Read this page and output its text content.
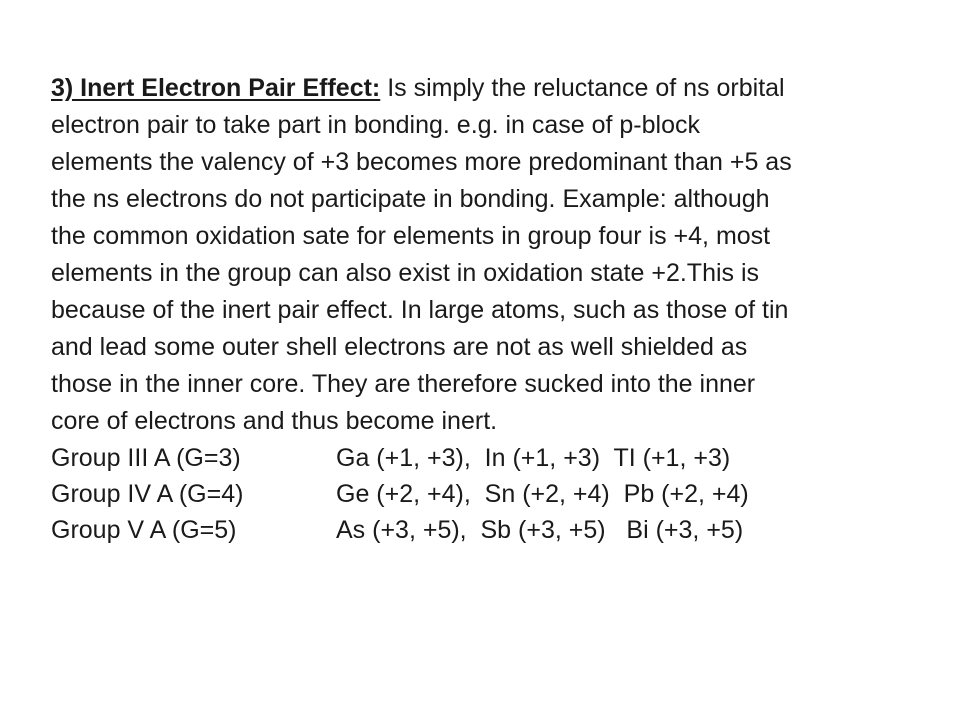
3) Inert Electron Pair Effect: Is simply the reluctance of ns orbital
electron pair to take part in bonding. e.g. in case of p-block
elements the valency of +3 becomes more predominant than +5 as
the ns electrons do not participate in bonding. Example: although
the common oxidation sate for elements in group four is +4, most
elements in the group can also exist in oxidation state +2.This is
because of the inert pair effect. In large atoms, such as those of tin
and lead some outer shell electrons are not as well shielded as
those in the inner core. They are therefore sucked into the inner
core of electrons and thus become inert.

Group III A (G=3)	Ga (+1, +3),  In (+1, +3)  TI (+1, +3)
Group IV A (G=4)	Ge (+2, +4),  Sn (+2, +4)  Pb (+2, +4)
Group V A (G=5)	As (+3, +5),  Sb (+3, +5)   Bi (+3, +5)
